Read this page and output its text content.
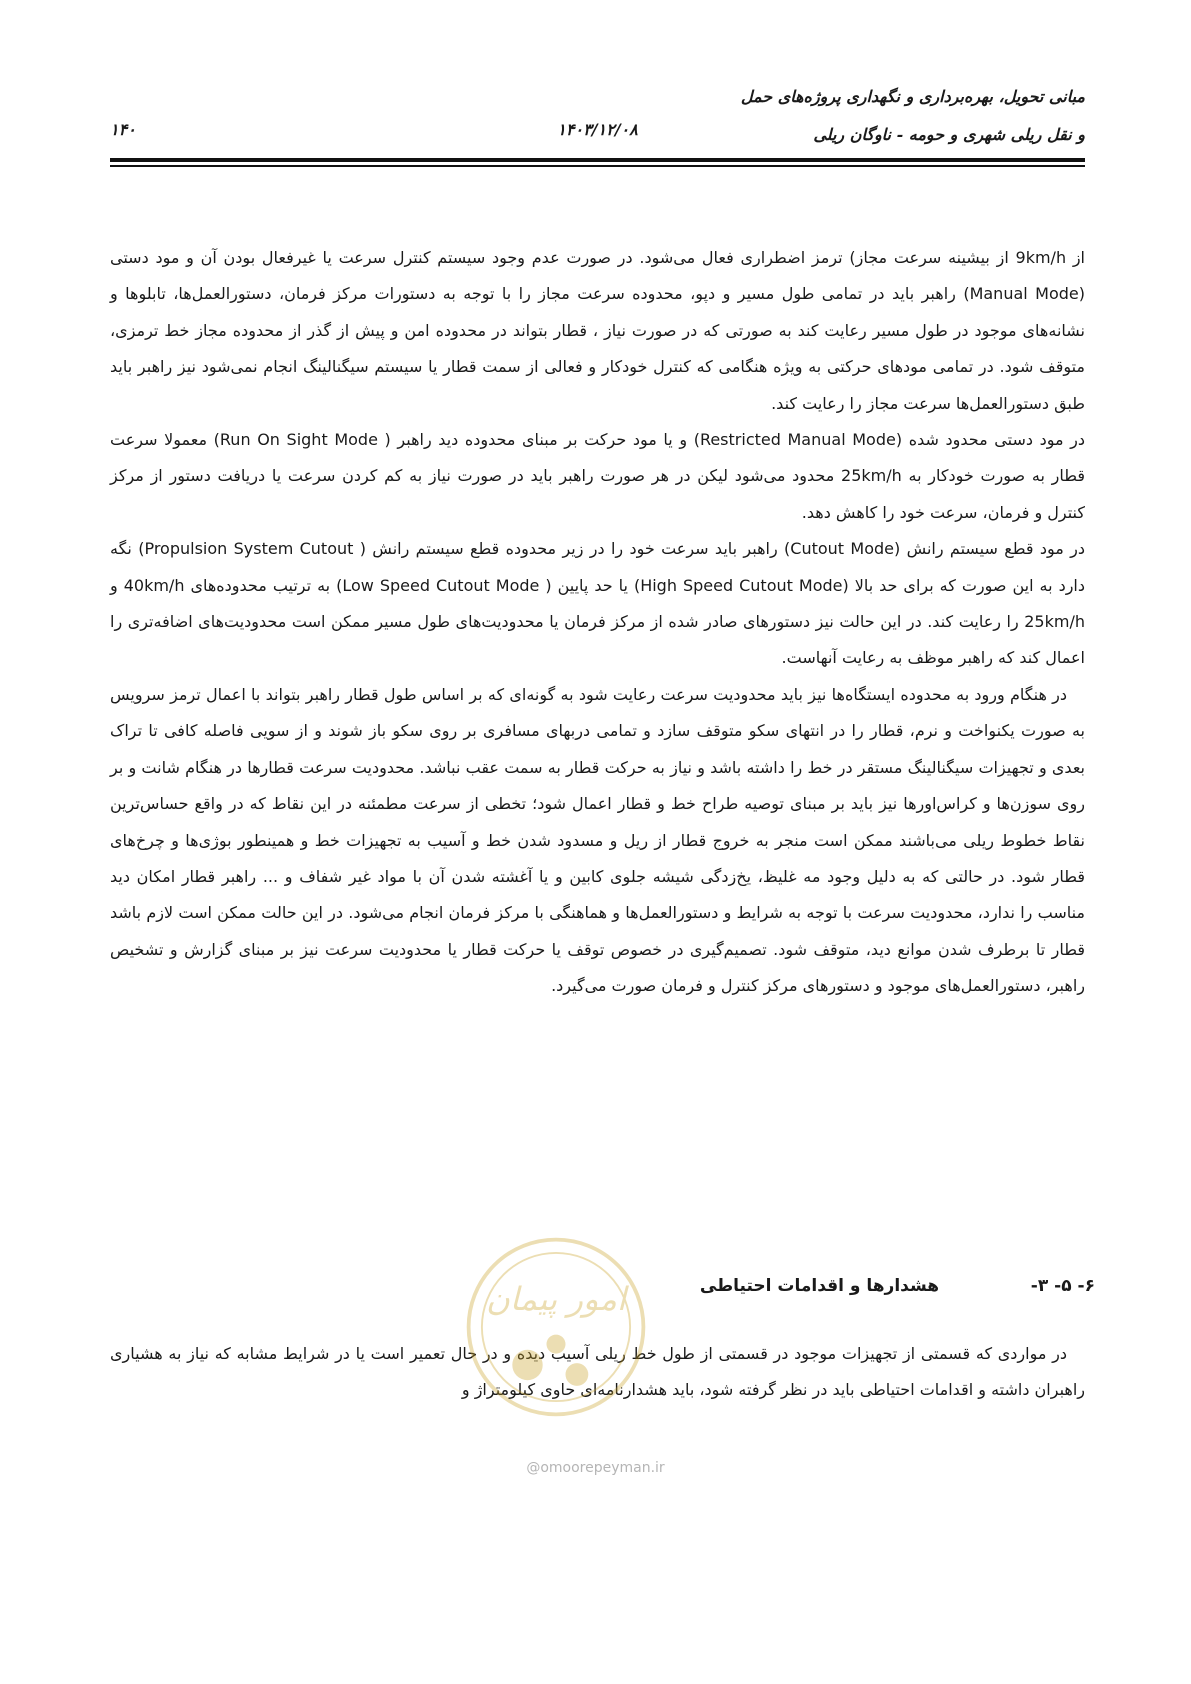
مبانی تحویل، بهره‌برداری و نگهداری پروژه‌های حمل
و نقل ریلی شهری و حومه - ناوگان ریلی
۱۴۰۳/۱۲/۰۸
۱۴۰

از 9km/h از بیشینه سرعت مجاز) ترمز اضطراری فعال می‌شود. در صورت عدم وجود سیستم کنترل سرعت یا غیرفعال بودن آن و مود دستی (Manual Mode) راهبر باید در تمامی طول مسیر و دپو، محدوده سرعت مجاز را با توجه به دستورات مرکز فرمان، دستورالعمل‌ها، تابلوها و نشانه‌های موجود در طول مسیر رعایت کند به صورتی که در صورت نیاز ، قطار بتواند در محدوده امن و پیش از گذر از محدوده مجاز خط ترمزی، متوقف شود. در تمامی مودهای حرکتی به ویژه هنگامی که کنترل خودکار و فعالی از سمت قطار یا سیستم سیگنالینگ انجام نمی‌شود نیز راهبر باید طبق دستورالعمل‌ها سرعت مجاز را رعایت کند.

در مود دستی محدود شده (Restricted Manual Mode) و یا مود حرکت بر مبنای محدوده دید راهبر ( Run On Sight Mode) معمولا سرعت قطار به صورت خودکار به 25km/h محدود می‌شود لیکن در هر صورت راهبر باید در صورت نیاز به کم کردن سرعت یا دریافت دستور از مرکز کنترل و فرمان، سرعت خود را کاهش دهد.

در مود قطع سیستم رانش (Cutout Mode) راهبر باید سرعت خود را در زیر محدوده قطع سیستم رانش ( Propulsion System Cutout) نگه دارد به این صورت که برای حد بالا (High Speed Cutout Mode) یا حد پایین ( Low Speed Cutout Mode) به ترتیب محدوده‌های 40km/h و 25km/h را رعایت کند. در این حالت نیز دستورهای صادر شده از مرکز فرمان یا محدودیت‌های طول مسیر ممکن است محدودیت‌های اضافه‌تری را اعمال کند که راهبر موظف به رعایت آنهاست.

در هنگام ورود به محدوده ایستگاه‌ها نیز باید محدودیت سرعت رعایت شود به گونه‌ای که بر اساس طول قطار راهبر بتواند با اعمال ترمز سرویس به صورت یکنواخت و نرم، قطار را در انتهای سکو متوقف سازد و تمامی دربهای مسافری بر روی سکو باز شوند و از سویی فاصله کافی تا تراک بعدی و تجهیزات سیگنالینگ مستقر در خط را داشته باشد و نیاز به حرکت قطار به سمت عقب نباشد. محدودیت سرعت قطارها در هنگام شانت و بر روی سوزن‌ها و کراس‌اورها نیز باید بر مبنای توصیه طراح خط و قطار اعمال شود؛ تخطی از سرعت مطمئنه در این نقاط که در واقع حساس‌ترین نقاط خطوط ریلی می‌باشند ممکن است منجر به خروج قطار از ریل و مسدود شدن خط و آسیب به تجهیزات خط و همینطور بوژی‌ها و چرخ‌های قطار شود. در حالتی که به دلیل وجود مه غلیظ، یخ‌زدگی شیشه جلوی کابین و یا آغشته شدن آن با مواد غیر شفاف و ... راهبر قطار امکان دید مناسب را ندارد، محدودیت سرعت با توجه به شرایط و دستورالعمل‌ها و هماهنگی با مرکز فرمان انجام می‌شود. در این حالت ممکن است لازم باشد قطار تا برطرف شدن موانع دید، متوقف شود. تصمیم‌گیری در خصوص توقف یا حرکت قطار یا محدودیت سرعت نیز بر مبنای گزارش و تشخیص راهبر، دستورالعمل‌های موجود و دستورهای مرکز کنترل و فرمان صورت می‌گیرد.

۶- ۵- ۳- هشدارها و اقدامات احتیاطی

در مواردی که قسمتی از تجهیزات موجود در قسمتی از طول خط ریلی آسیب دیده و در حال تعمیر است یا در شرایط مشابه که نیاز به هشیاری راهبران داشته و اقدامات احتیاطی باید در نظر گرفته شود، باید هشدارنامه‌ای حاوی کیلومتراژ و

امور پیمان
@omoorepeyman.ir
